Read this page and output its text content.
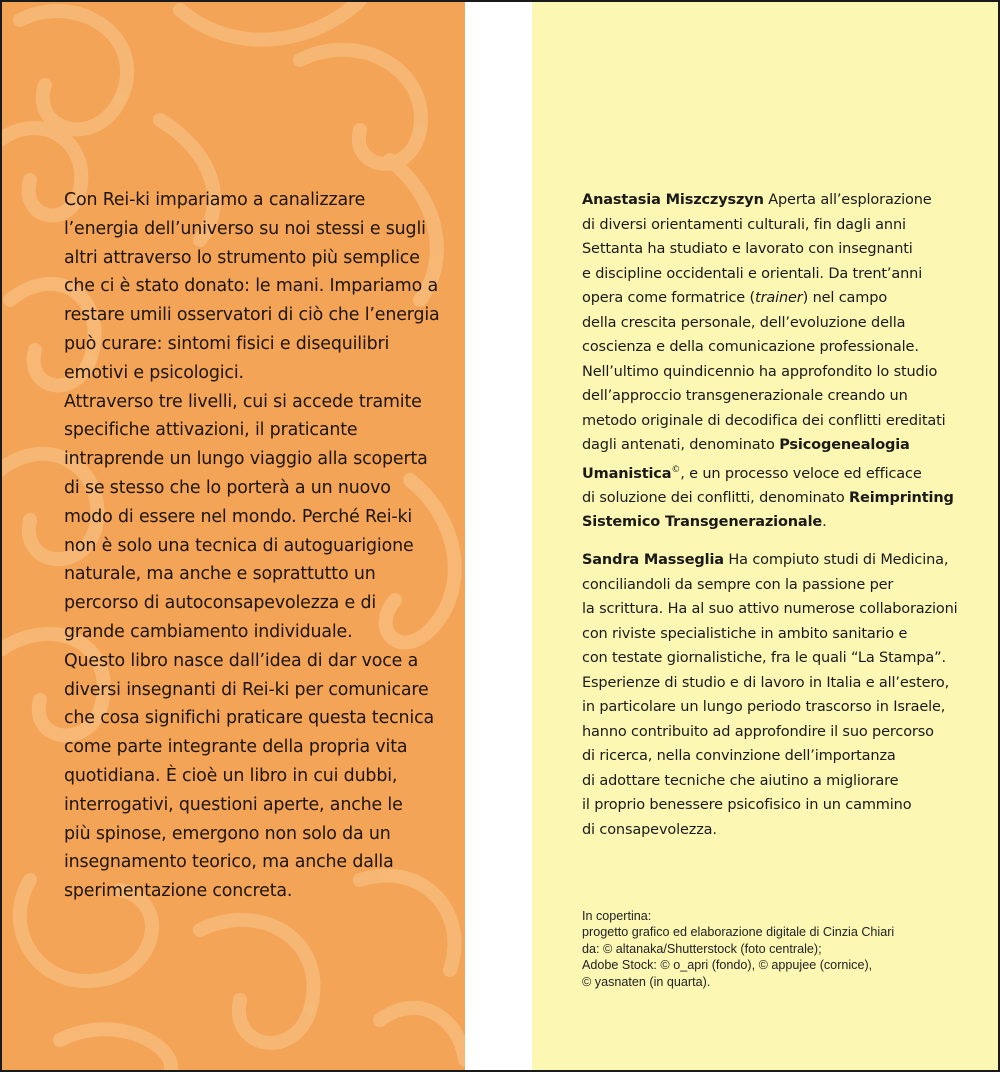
Con Rei-ki impariamo a canalizzare

l’energia dell’universo su noi stessi e sugli

altri attraverso lo strumento più semplice

che ci è stato donato: le mani. Impariamo a

restare umili osservatori di ciò che l’energia

può curare: sintomi fisici e disequilibri

emotivi e psicologici.

Attraverso tre livelli, cui si accede tramite

specifiche attivazioni, il praticante

intraprende un lungo viaggio alla scoperta

di se stesso che lo porterà a un nuovo

modo di essere nel mondo. Perché Rei-ki

non è solo una tecnica di autoguarigione

naturale, ma anche e soprattutto un

percorso di autoconsapevolezza e di

grande cambiamento individuale.

Questo libro nasce dall’idea di dar voce a

diversi insegnanti di Rei-ki per comunicare

che cosa significhi praticare questa tecnica

come parte integrante della propria vita

quotidiana. È cioè un libro in cui dubbi,

interrogativi, questioni aperte, anche le

più spinose, emergono non solo da un

insegnamento teorico, ma anche dalla

sperimentazione concreta.

Anastasia Miszczyszyn Aperta all’esplorazione

di diversi orientamenti culturali, fin dagli anni

Settanta ha studiato e lavorato con insegnanti

e discipline occidentali e orientali. Da trent’anni

opera come formatrice (trainer) nel campo

della crescita personale, dell’evoluzione della

coscienza e della comunicazione professionale.

Nell’ultimo quindicennio ha approfondito lo studio

dell’approccio transgenerazionale creando un

metodo originale di decodifica dei conflitti ereditati

dagli antenati, denominato Psicogenealogia

Umanistica©, e un processo veloce ed efficace

di soluzione dei conflitti, denominato Reimprinting

Sistemico Transgenerazionale.

Sandra Masseglia Ha compiuto studi di Medicina,

conciliandoli da sempre con la passione per

la scrittura. Ha al suo attivo numerose collaborazioni

con riviste specialistiche in ambito sanitario e

con testate giornalistiche, fra le quali “La Stampa”.

Esperienze di studio e di lavoro in Italia e all’estero,

in particolare un lungo periodo trascorso in Israele,

hanno contribuito ad approfondire il suo percorso

di ricerca, nella convinzione dell’importanza

di adottare tecniche che aiutino a migliorare

il proprio benessere psicofisico in un cammino

di consapevolezza.

In copertina:

progetto grafico ed elaborazione digitale di Cinzia Chiari

da: © altanaka/Shutterstock (foto centrale);

Adobe Stock: © o_apri (fondo), © appujee (cornice),

© yasnaten (in quarta).
